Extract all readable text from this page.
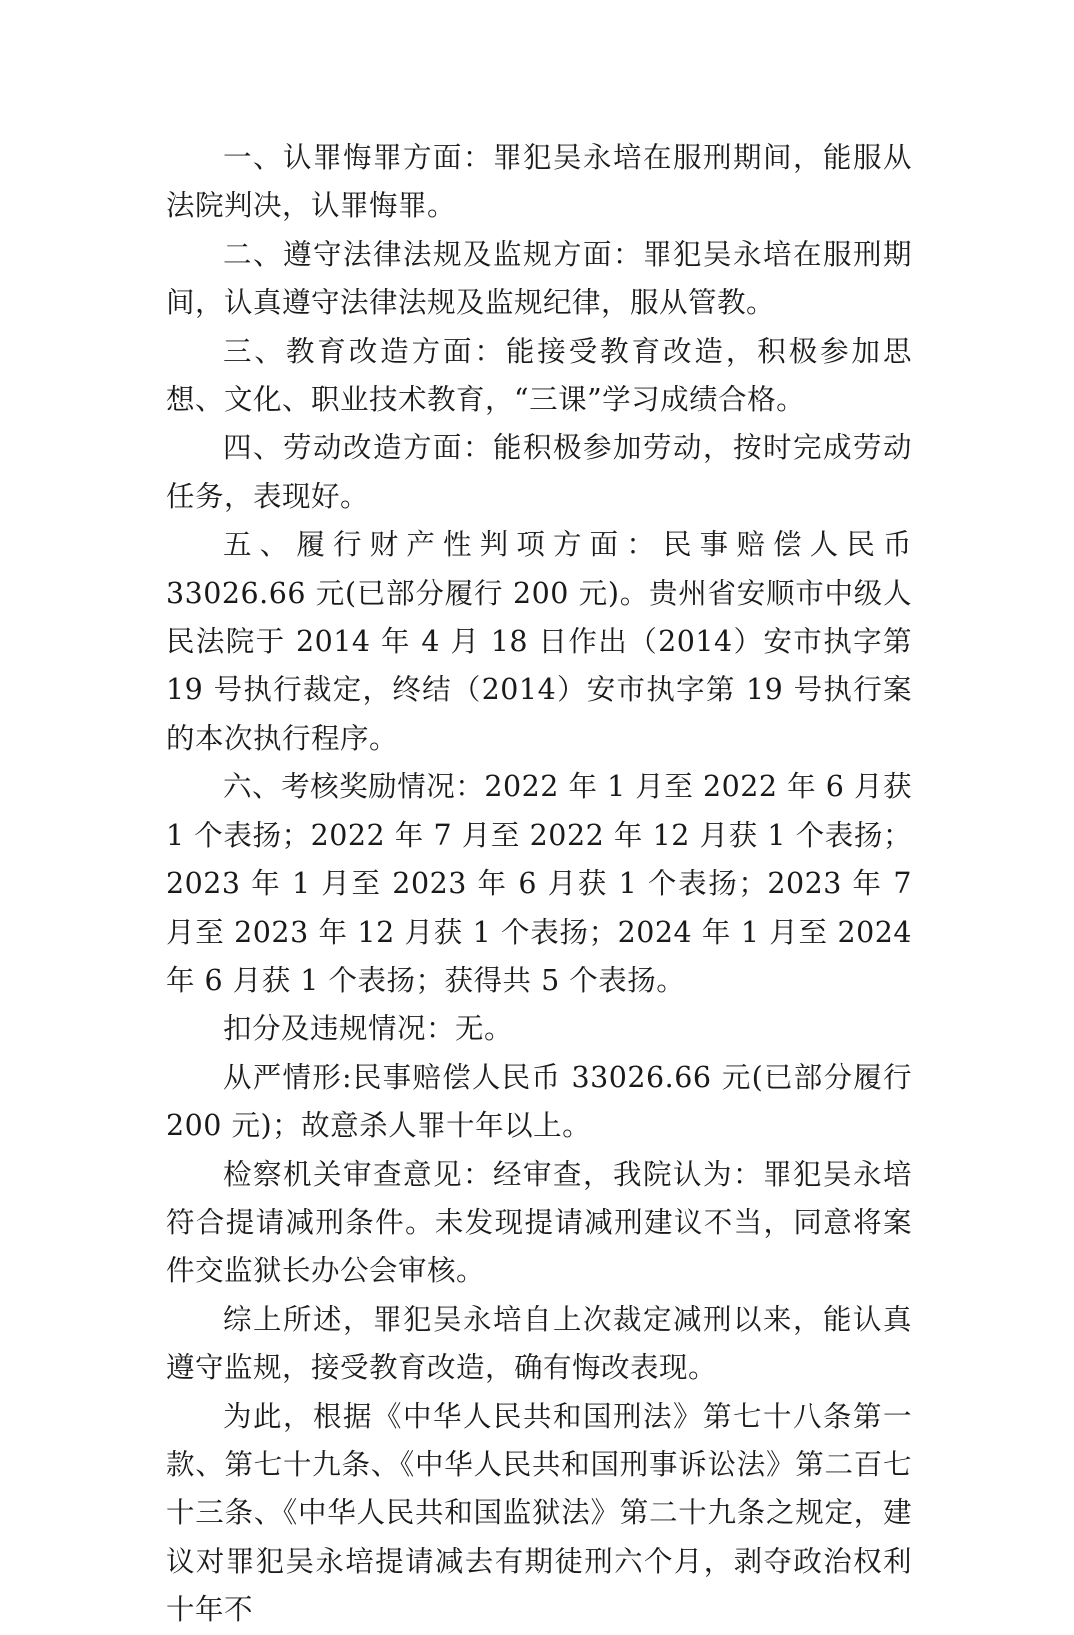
一、认罪悔罪方面：罪犯吴永培在服刑期间，能服从法院判决，认罪悔罪。

二、遵守法律法规及监规方面：罪犯吴永培在服刑期间，认真遵守法律法规及监规纪律，服从管教。

三、教育改造方面：能接受教育改造，积极参加思想、文化、职业技术教育，“三课”学习成绩合格。

四、劳动改造方面：能积极参加劳动，按时完成劳动任务，表现好。

五、履行财产性判项方面：民事赔偿人民币 33026.66 元(已部分履行 200 元)。贵州省安顺市中级人民法院于 2014 年 4 月 18 日作出（2014）安市执字第 19 号执行裁定，终结（2014）安市执字第 19 号执行案的本次执行程序。

六、考核奖励情况：2022 年 1 月至 2022 年 6 月获 1 个表扬；2022 年 7 月至 2022 年 12 月获 1 个表扬；2023 年 1 月至 2023 年 6 月获 1 个表扬；2023 年 7 月至 2023 年 12 月获 1 个表扬；2024 年 1 月至 2024 年 6 月获 1 个表扬；获得共 5 个表扬。

扣分及违规情况：无。

从严情形:民事赔偿人民币 33026.66 元(已部分履行 200 元)；故意杀人罪十年以上。

检察机关审查意见：经审查，我院认为：罪犯吴永培符合提请减刑条件。未发现提请减刑建议不当，同意将案件交监狱长办公会审核。

综上所述，罪犯吴永培自上次裁定减刑以来，能认真遵守监规，接受教育改造，确有悔改表现。

为此，根据《中华人民共和国刑法》第七十八条第一款、第七十九条、《中华人民共和国刑事诉讼法》第二百七十三条、《中华人民共和国监狱法》第二十九条之规定，建议对罪犯吴永培提请减去有期徒刑六个月，剥夺政治权利十年不
